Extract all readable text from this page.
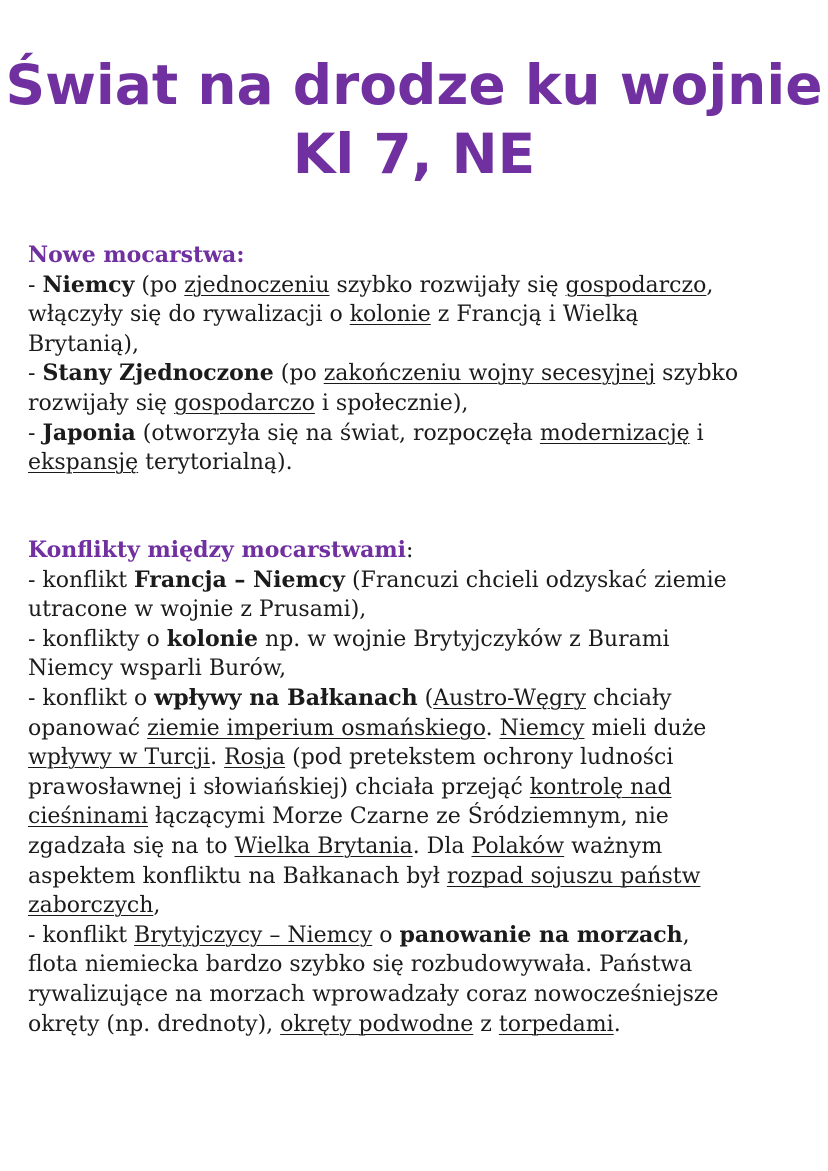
Świat na drodze ku wojnie
Kl 7, NE
Nowe mocarstwa:
- Niemcy (po zjednoczeniu szybko rozwijały się gospodarczo,
włączyły się do rywalizacji o kolonie z Francją i Wielką
Brytanią),
- Stany Zjednoczone (po zakończeniu wojny secesyjnej szybko
rozwijały się gospodarczo i społecznie),
- Japonia (otworzyła się na świat, rozpoczęła modernizację i
ekspansję terytorialną).
Konflikty między mocarstwami:
- konflikt Francja – Niemcy (Francuzi chcieli odzyskać ziemie
utracone w wojnie z Prusami),
- konflikty o kolonie np. w wojnie Brytyjczyków z Burami
Niemcy wsparli Burów,
- konflikt o wpływy na Bałkanach (Austro-Węgry chciały
opanować ziemie imperium osmańskiego. Niemcy mieli duże
wpływy w Turcji. Rosja (pod pretekstem ochrony ludności
prawosławnej i słowiańskiej) chciała przejąć kontrolę nad
cieśninami łączącymi Morze Czarne ze Śródziemnym, nie
zgadzała się na to Wielka Brytania. Dla Polaków ważnym
aspektem konfliktu na Bałkanach był rozpad sojuszu państw
zaborczych,
- konflikt Brytyjczycy – Niemcy o panowanie na morzach,
flota niemiecka bardzo szybko się rozbudowywała. Państwa
rywalizujące na morzach wprowadzały coraz nowocześniejsze
okręty (np. drednoty), okręty podwodne z torpedami.
